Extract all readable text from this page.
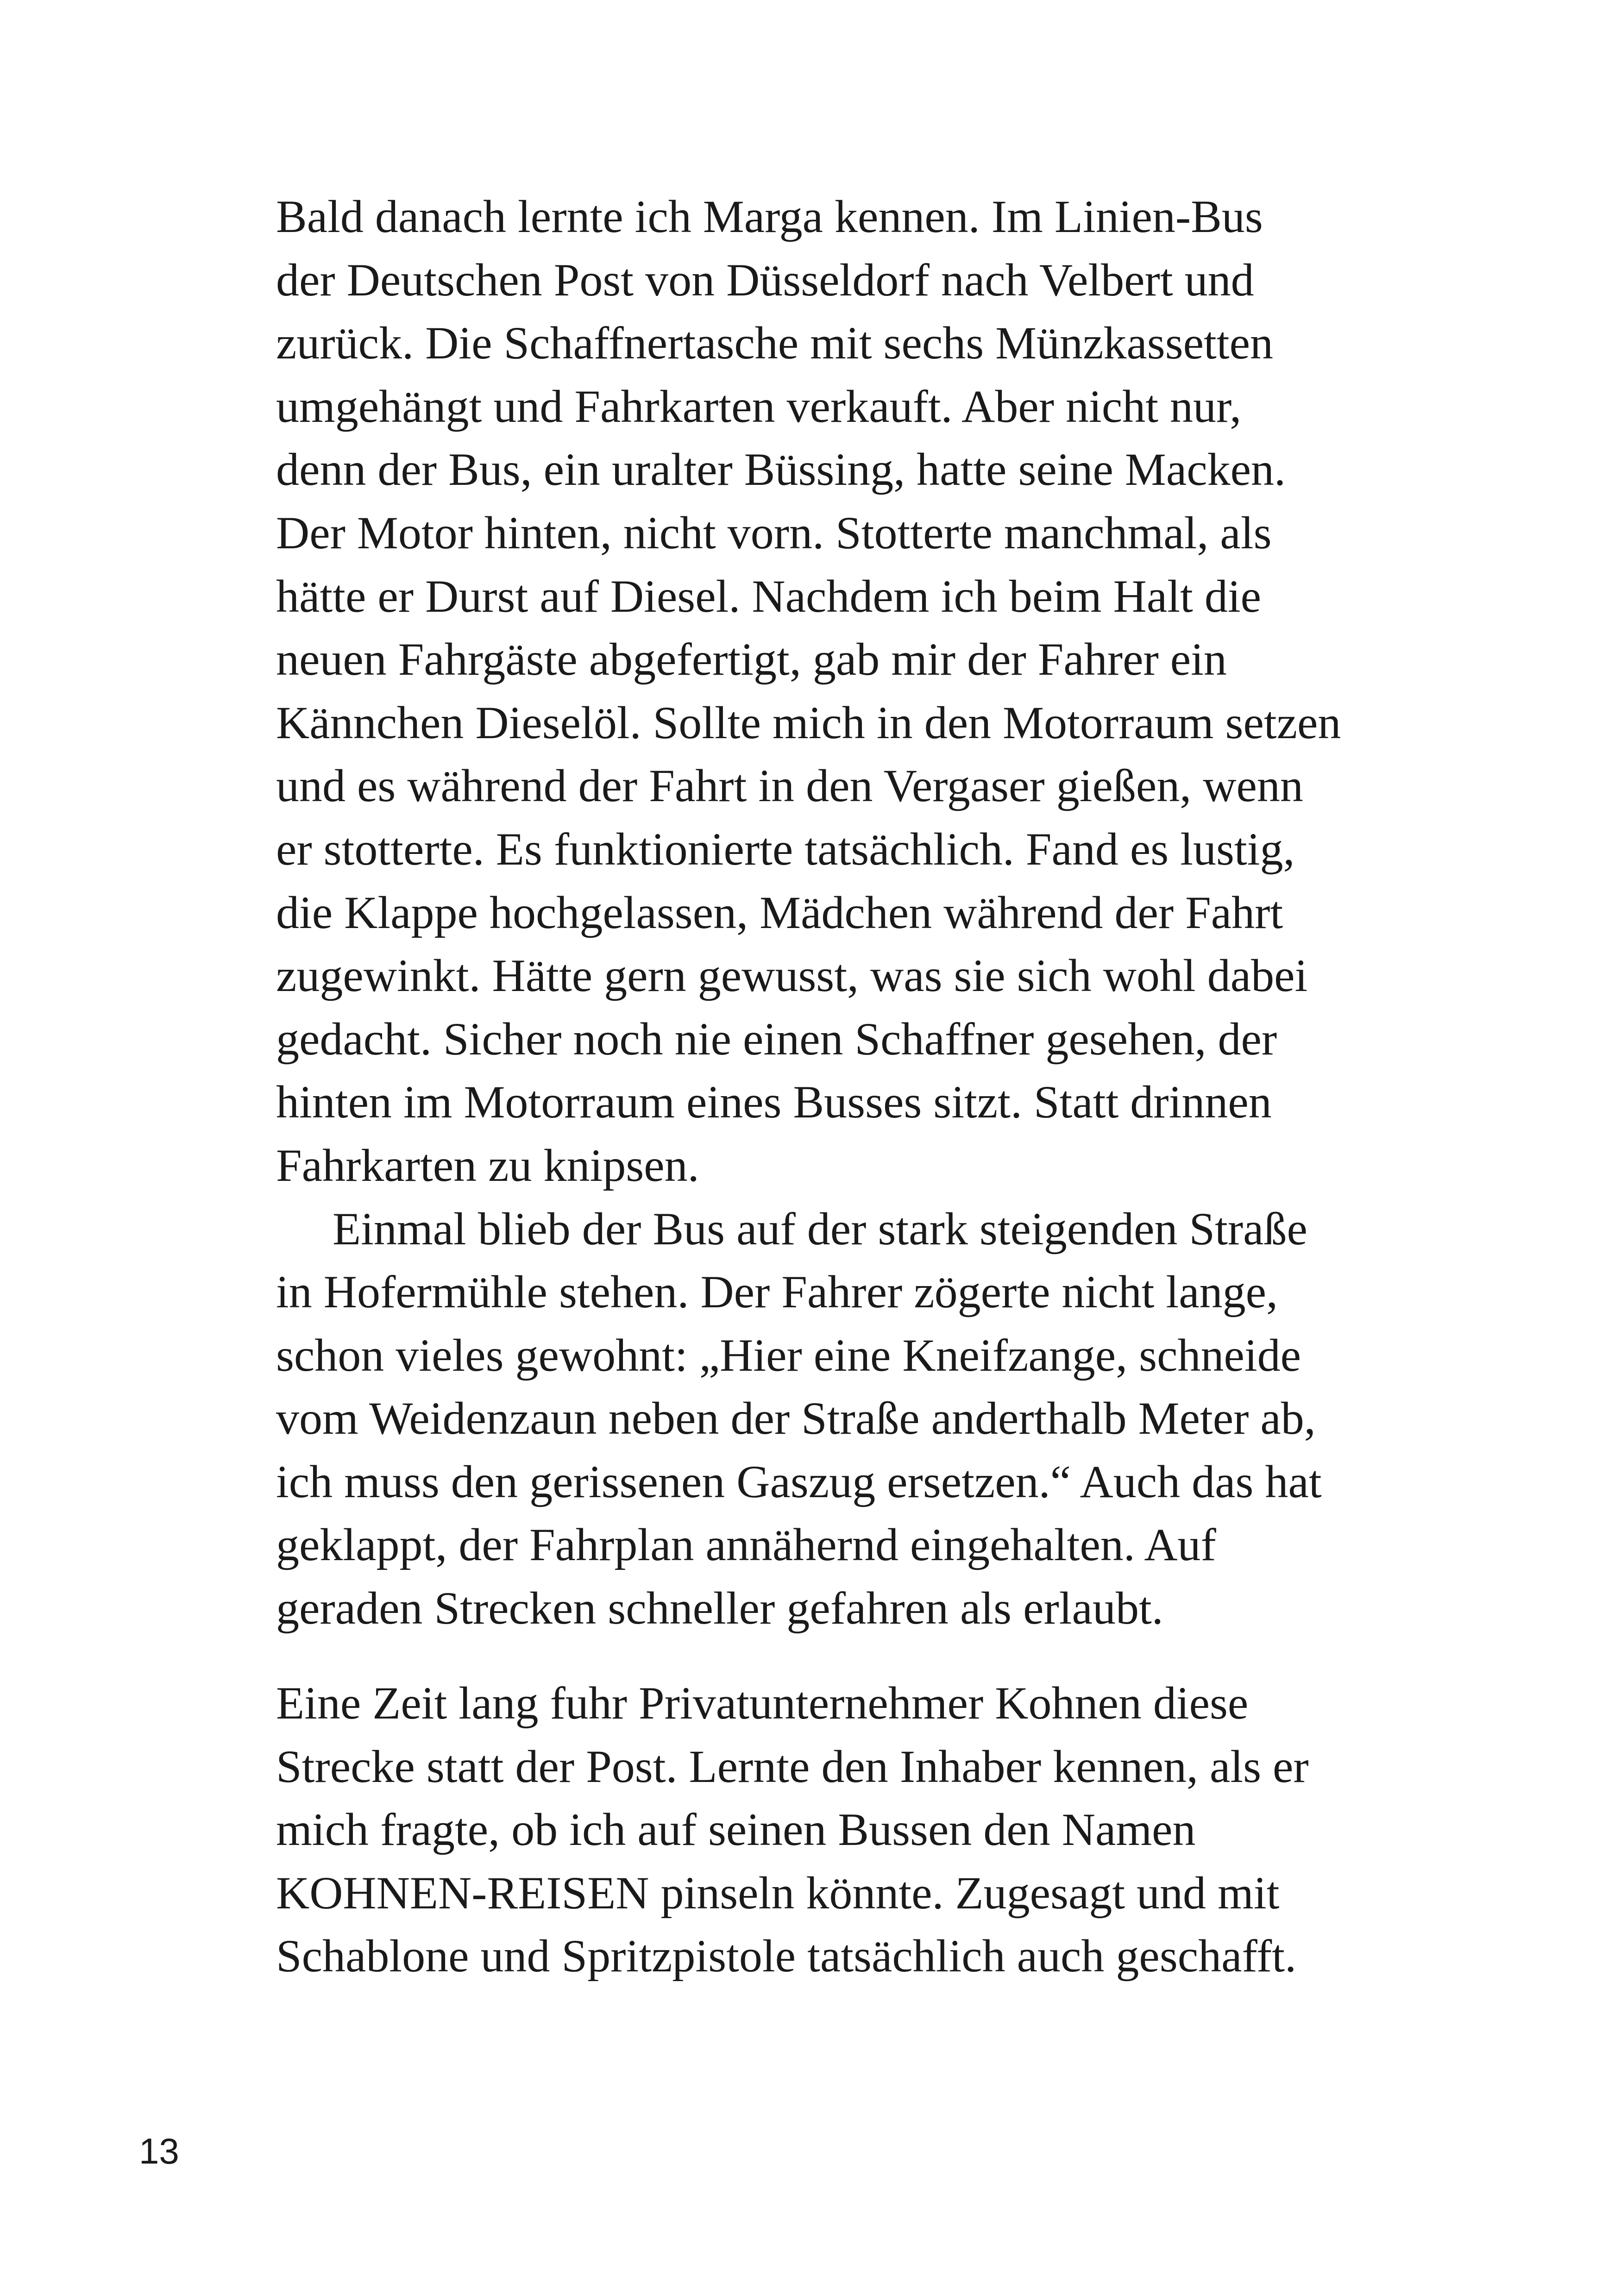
Bald danach lernte ich Marga kennen. Im Linien-Bus
der Deutschen Post von Düsseldorf nach Velbert und
zurück. Die Schaffnertasche mit sechs Münzkassetten
umgehängt und Fahrkarten verkauft. Aber nicht nur,
denn der Bus, ein uralter Büssing, hatte seine Macken.
Der Motor hinten, nicht vorn. Stotterte manchmal, als
hätte er Durst auf Diesel. Nachdem ich beim Halt die
neuen Fahrgäste abgefertigt, gab mir der Fahrer ein
Kännchen Dieselöl. Sollte mich in den Motorraum setzen
und es während der Fahrt in den Vergaser gießen, wenn
er stotterte. Es funktionierte tatsächlich. Fand es lustig,
die Klappe hochgelassen, Mädchen während der Fahrt
zugewinkt. Hätte gern gewusst, was sie sich wohl dabei
gedacht. Sicher noch nie einen Schaffner gesehen, der
hinten im Motorraum eines Busses sitzt. Statt drinnen
Fahrkarten zu knipsen.
Einmal blieb der Bus auf der stark steigenden Straße
in Hofermühle stehen. Der Fahrer zögerte nicht lange,
schon vieles gewohnt: „Hier eine Kneifzange, schneide
vom Weidenzaun neben der Straße anderthalb Meter ab,
ich muss den gerissenen Gaszug ersetzen.“ Auch das hat
geklappt, der Fahrplan annähernd eingehalten. Auf
geraden Strecken schneller gefahren als erlaubt.
Eine Zeit lang fuhr Privatunternehmer Kohnen diese
Strecke statt der Post. Lernte den Inhaber kennen, als er
mich fragte, ob ich auf seinen Bussen den Namen
KOHNEN-REISEN pinseln könnte. Zugesagt und mit
Schablone und Spritzpistole tatsächlich auch geschafft.
13
